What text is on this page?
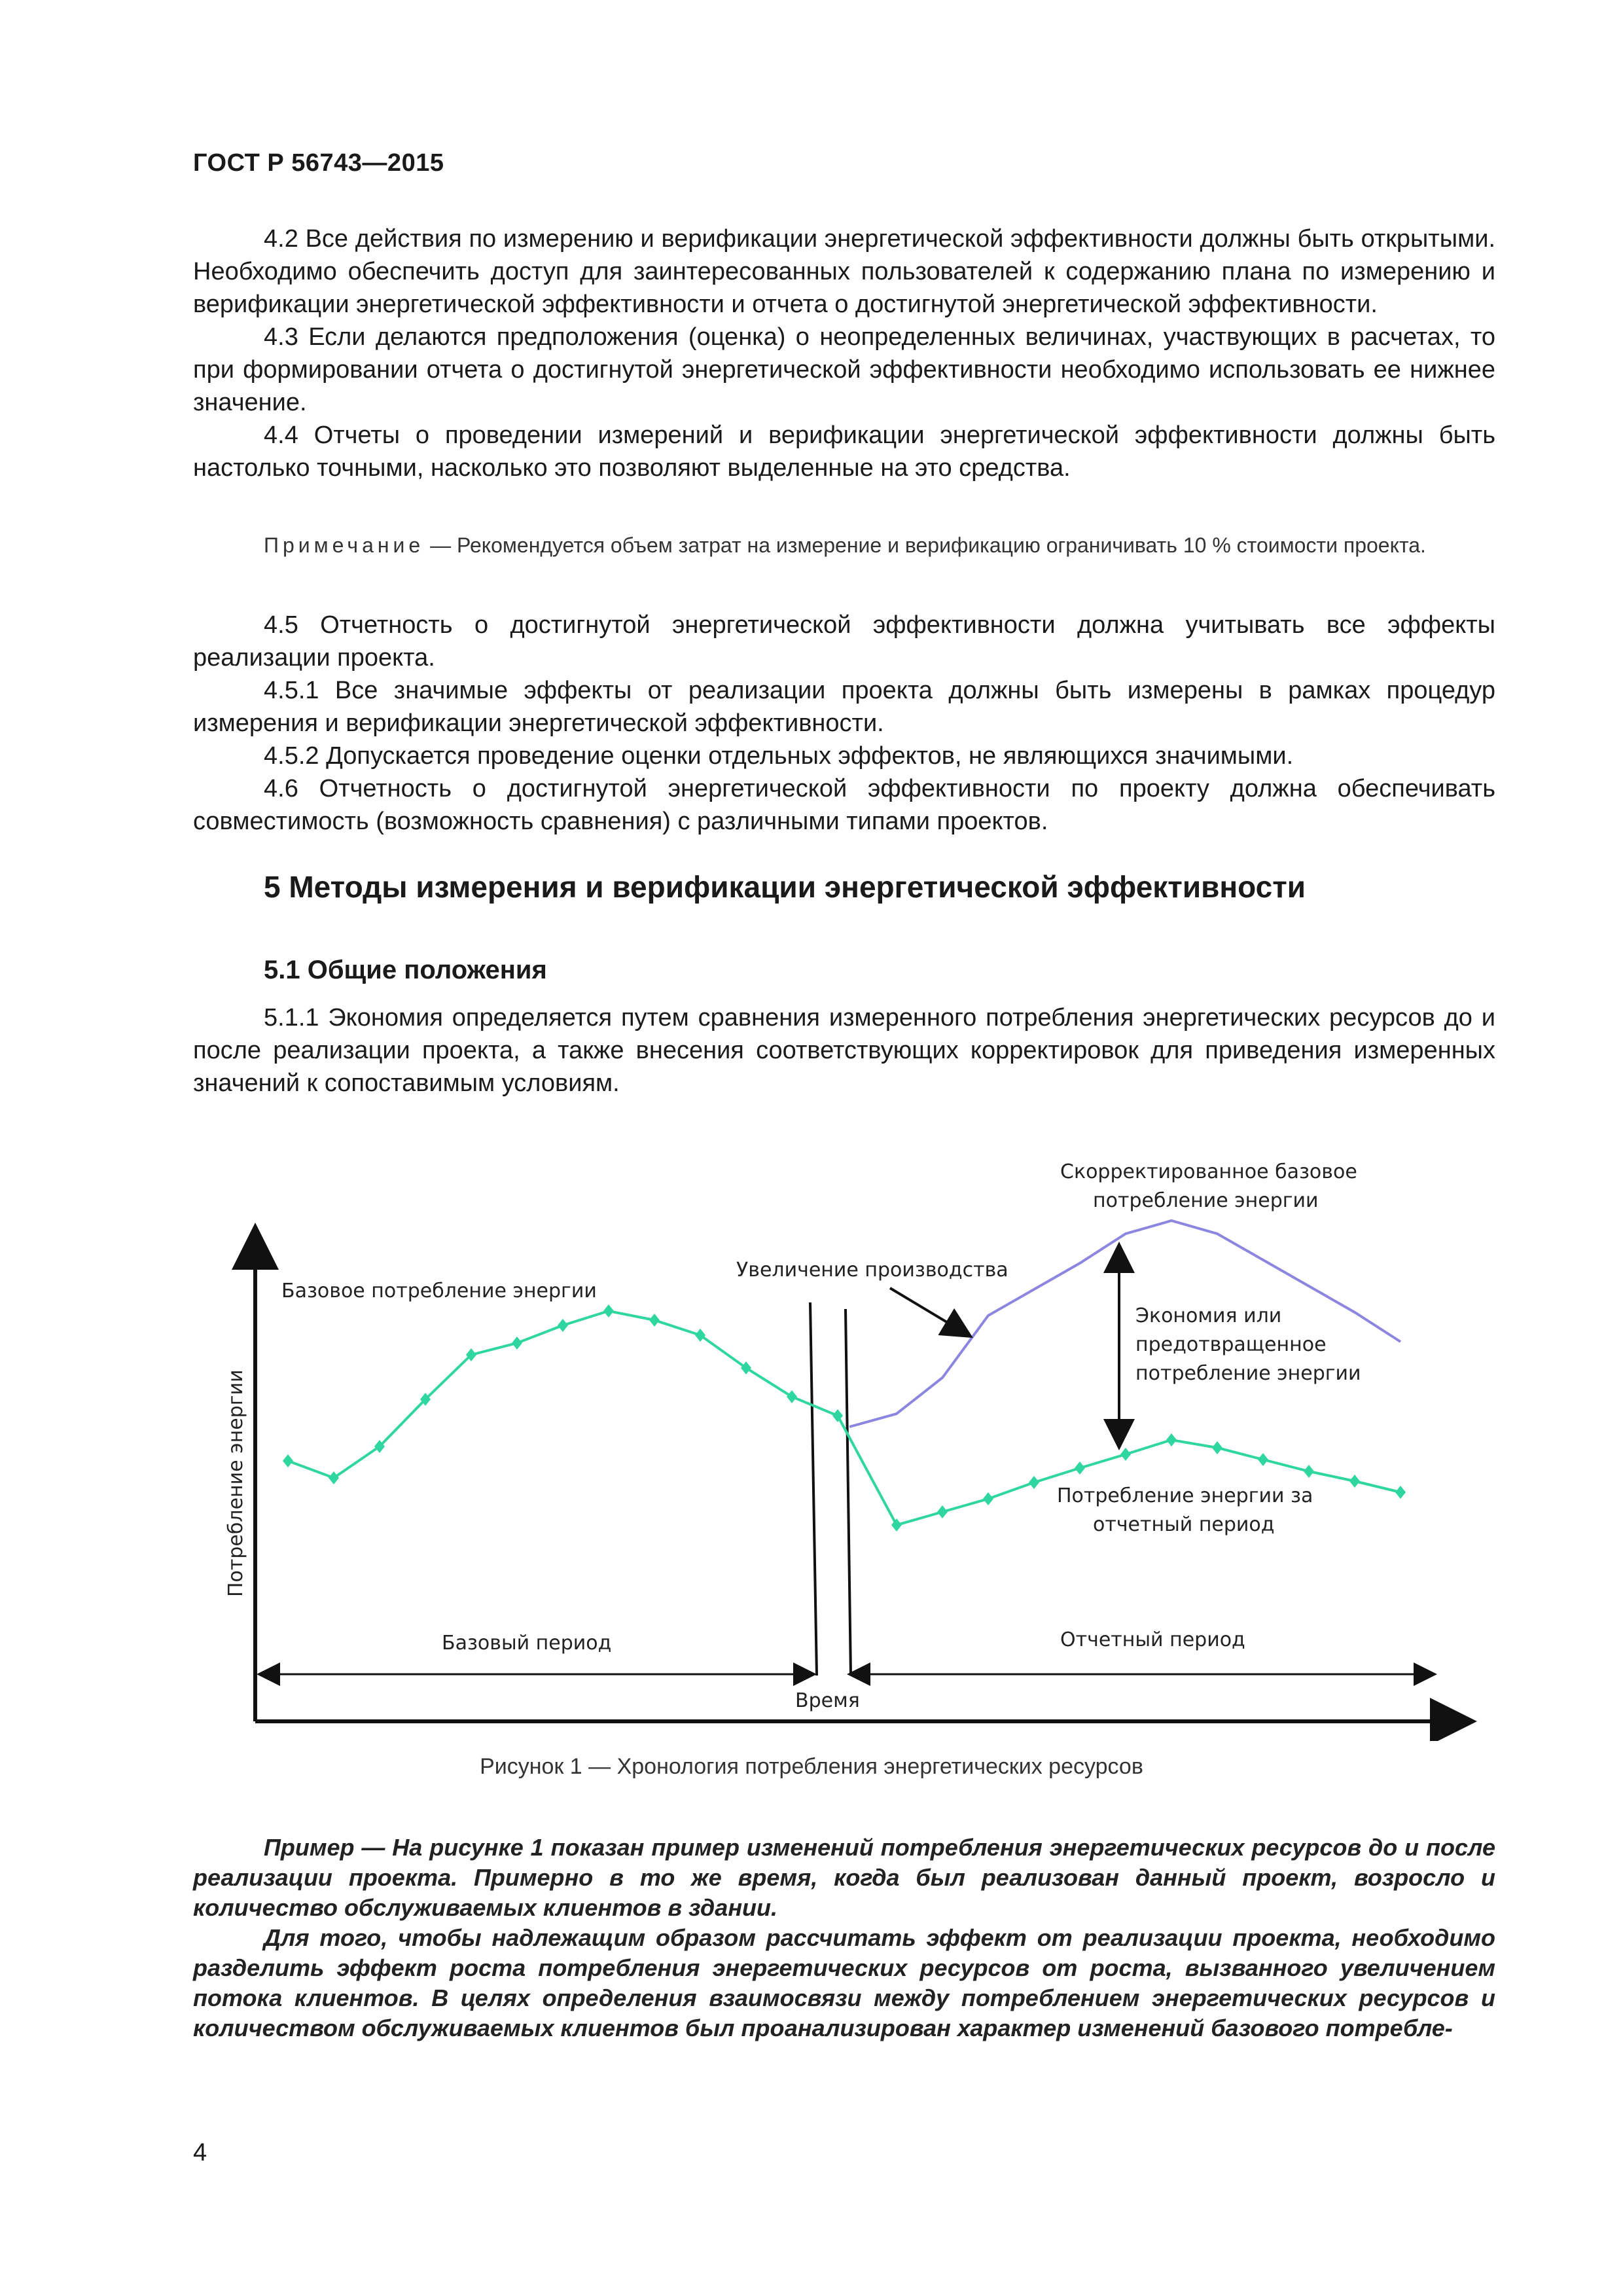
ГОСТ Р 56743—2015

4.2 Все действия по измерению и верификации энергетической эффективности должны быть открытыми. Необходимо обеспечить доступ для заинтересованных пользователей к содержанию плана по измерению и верификации энергетической эффективности и отчета о достигнутой энергетической эффективности.

4.3 Если делаются предположения (оценка) о неопределенных величинах, участвующих в расчетах, то при формировании отчета о достигнутой энергетической эффективности необходимо использовать ее нижнее значение.

4.4 Отчеты о проведении измерений и верификации энергетической эффективности должны быть настолько точными, насколько это позволяют выделенные на это средства.

Примечание — Рекомендуется объем затрат на измерение и верификацию ограничивать 10 % стоимости проекта.

4.5 Отчетность о достигнутой энергетической эффективности должна учитывать все эффекты реализации проекта.

4.5.1 Все значимые эффекты от реализации проекта должны быть измерены в рамках процедур измерения и верификации энергетической эффективности.

4.5.2 Допускается проведение оценки отдельных эффектов, не являющихся значимыми.

4.6 Отчетность о достигнутой энергетической эффективности по проекту должна обеспечивать совместимость (возможность сравнения) с различными типами проектов.

5 Методы измерения и верификации энергетической эффективности
5.1 Общие положения

5.1.1 Экономия определяется путем сравнения измеренного потребления энергетических ресурсов до и после реализации проекта, а также внесения соответствующих корректировок для приведения измеренных значений к сопоставимым условиям.

Потребление энергии
Время
Базовое потребление энергии
Увеличение производства
Скорректированное базовое
потребление энергии
Экономия или
предотвращенное
потребление энергии
Потребление энергии за
отчетный период
Базовый период	Отчетный период
Рисунок 1 — Хронология потребления энергетических ресурсов

Пример — На рисунке 1 показан пример изменений потребления энергетических ресурсов до и после реализации проекта. Примерно в то же время, когда был реализован данный проект, возросло и количество обслуживаемых клиентов в здании.

Для того, чтобы надлежащим образом рассчитать эффект от реализации проекта, необходимо разделить эффект роста потребления энергетических ресурсов от роста, вызванного увеличением потока клиентов. В целях определения взаимосвязи между потреблением энергетических ресурсов и количеством обслуживаемых клиентов был проанализирован характер изменений базового потребле-

4
